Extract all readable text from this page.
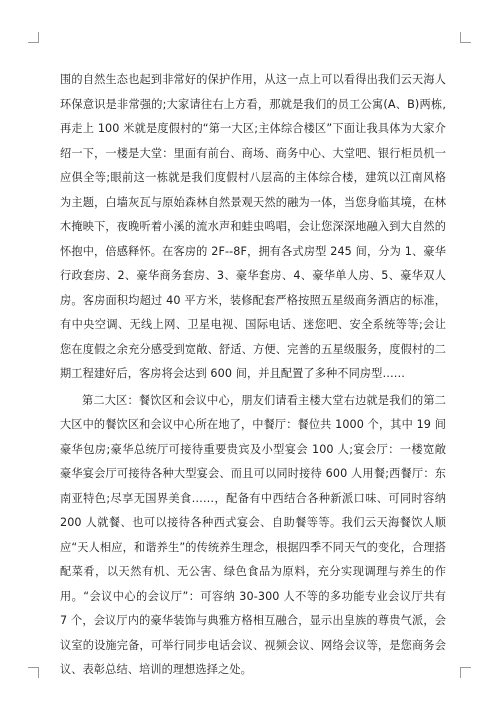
围的自然生态也起到非常好的保护作用，从这一点上可以看得出我们云天海人环保意识是非常强的;大家请往右上方看，那就是我们的员工公寓(A、B)两栋, 再走上 100 米就是度假村的“第一大区;主体综合楼区”下面让我具体为大家介绍一下，一楼是大堂：里面有前台、商场、商务中心、大堂吧、银行柜员机一应俱全等;眼前这一栋就是我们度假村八层高的主体综合楼，建筑以江南风格为主题，白墙灰瓦与原始森林自然景观天然的融为一体，当您身临其境，在林木掩映下，夜晚听着小溪的流水声和蛙虫鸣唱，会让您深深地融入到大自然的怀抱中，倍感释怀。在客房的 2F--8F，拥有各式房型 245 间，分为 1、豪华行政套房、2、豪华商务套房、3、豪华套房、4、豪华单人房、5、豪华双人房。客房面积均超过 40 平方米，装修配套严格按照五星级商务酒店的标准，有中央空调、无线上网、卫星电视、国际电话、迷您吧、安全系统等等;会让您在度假之余充分感受到宽敞、舒适、方便、完善的五星级服务，度假村的二期工程建好后，客房将会达到 600 间，并且配置了多种不同房型……

第二大区：餐饮区和会议中心，朋友们请看主楼大堂右边就是我们的第二大区中的餐饮区和会议中心所在地了，中餐厅：餐位共 1000 个，其中 19 间豪华包房;豪华总统厅可接待重要贵宾及小型宴会 100 人;宴会厅：一楼宽敞豪华宴会厅可接待各种大型宴会、而且可以同时接待 600 人用餐;西餐厅：东南亚特色;尽享无国界美食……，配备有中西结合各种新派口味、可同时容纳 200 人就餐、也可以接待各种西式宴会、自助餐等等。我们云天海餐饮人顺应“天人相应，和谐养生”的传统养生理念，根据四季不同天气的变化，合理搭配菜肴，以天然有机、无公害、绿色食品为原料，充分实现调理与养生的作用。“会议中心的会议厅”：可容纳 30-300 人不等的多功能专业会议厅共有 7 个，会议厅内的豪华装饰与典雅方格相互融合，显示出皇族的尊贵气派，会议室的设施完备，可举行同步电话会议、视频会议、网络会议等，是您商务会议、表彰总结、培训的理想选择之处。
